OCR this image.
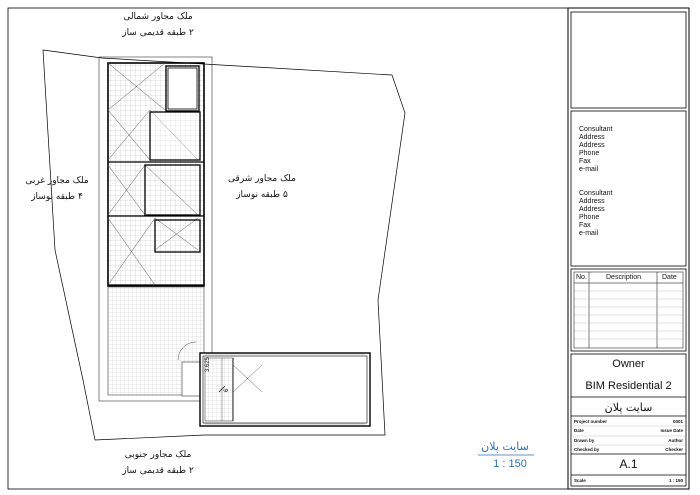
ملک مجاور شمالی
۲ طبقه قدیمی ساز
ملک مجاور غربی
۴ طبقه نوساز
ملک مجاور شرقی
۵ طبقه نوساز
ملک مجاور جنوبی
۲ طبقه قدیمی ساز
3.625
6
سایت پلان
1 : 150
Consultant
Address
Address
Phone
Fax
e-mail
Consultant
Address
Address
Phone
Fax
e-mail
No.	Description	Date
Owner
BIM Residential 2
سایت پلان
Project number	0001
Date	Issue Date
Drawn by	Author
Checked by	Checker
A.1
Scale	1 : 150
